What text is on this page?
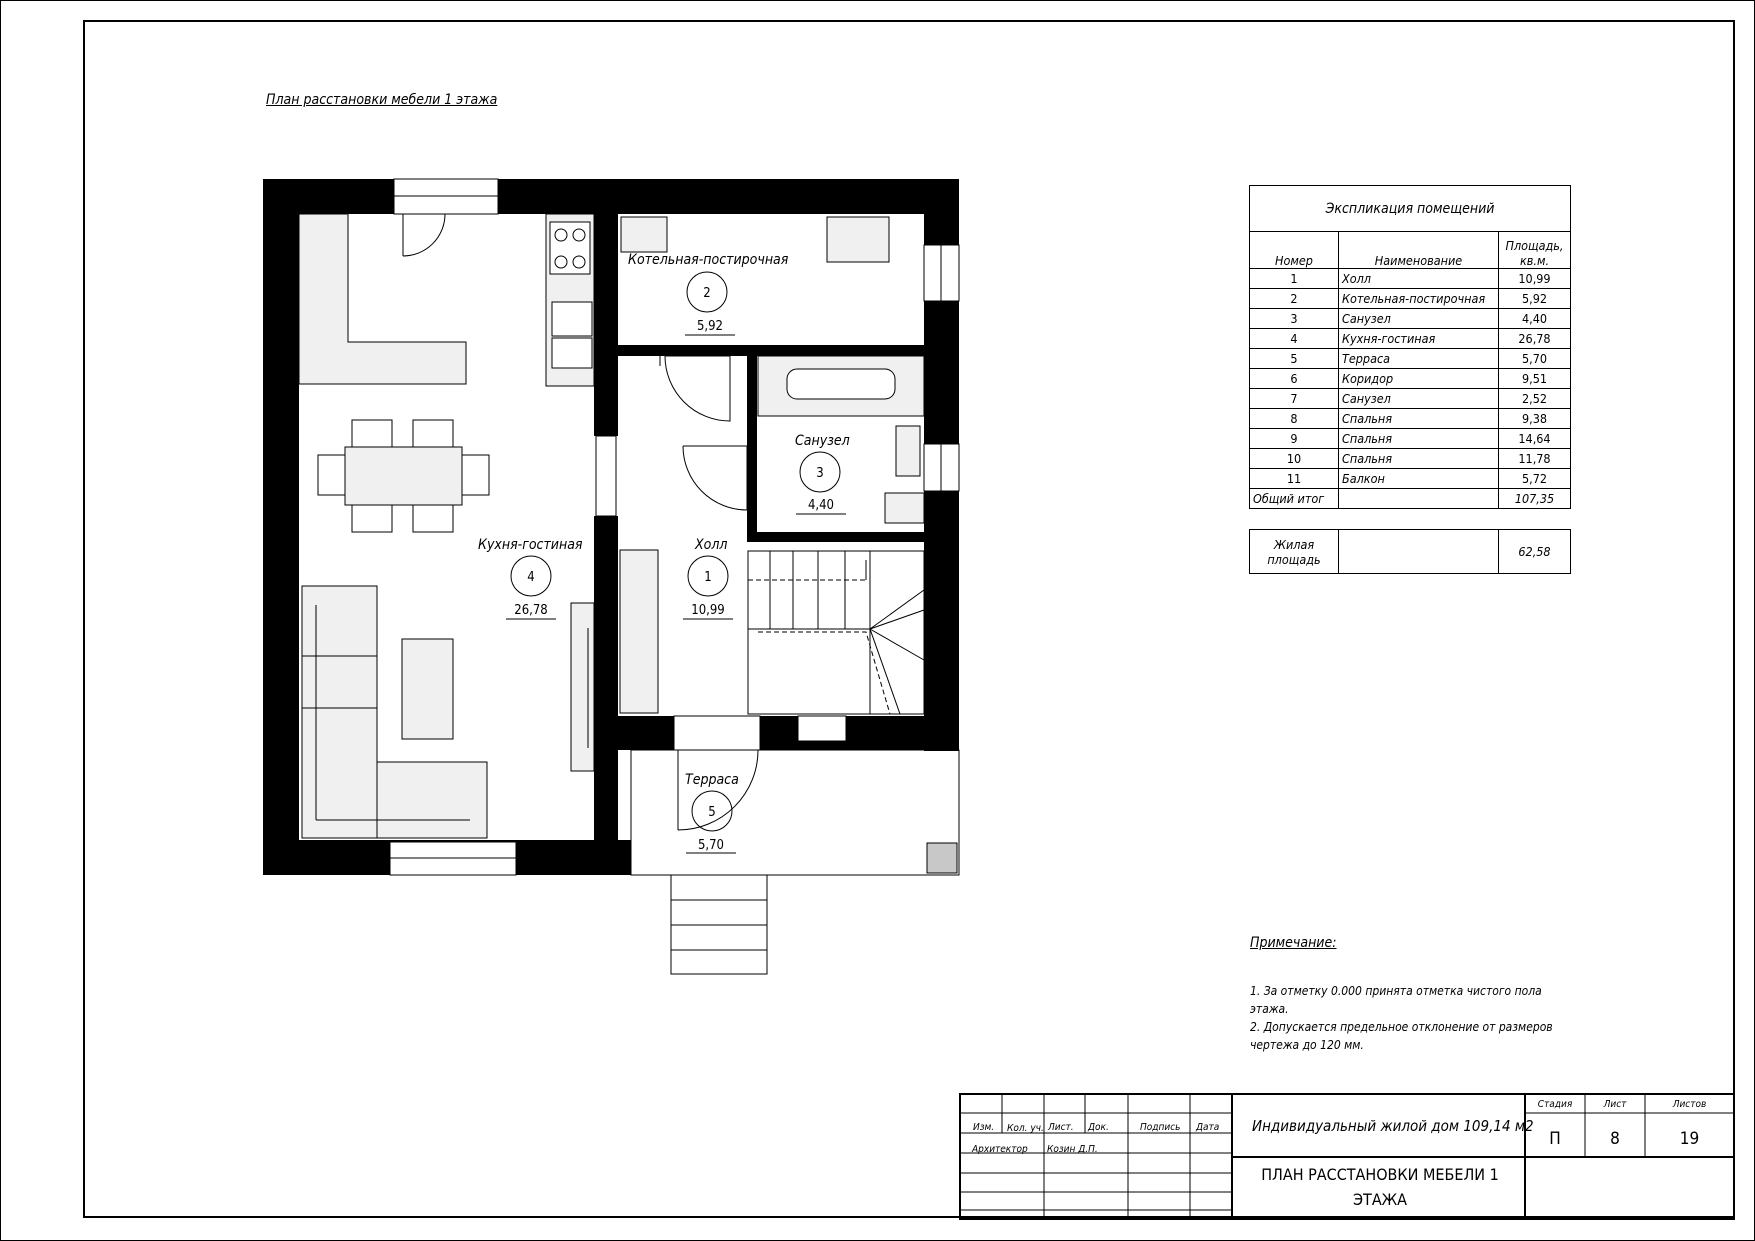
План расстановки мебели 1 этажа
Котельная-постирочная
2
5,92
Санузел
3
4,40
Кухня-гостиная
4
26,78
Холл
1
10,99
Терраса
5
5,70
Экспликация помещений		
Номер	Наименование	Площадь, кв.м.
1	Холл	10,99
2	Котельная-постирочная	5,92
3	Санузел	4,40
4	Кухня-гостиная	26,78
5	Терраса	5,70
6	Коридор	9,51
7	Санузел	2,52
8	Спальня	9,38
9	Спальня	14,64
10	Спальня	11,78
11	Балкон	5,72
Общий итог		107,35
Жилая площадь		62,58
Примечание:
1. За отметку 0.000 принята отметка чистого пола
этажа.
2. Допускается предельное отклонение от размеров
чертежа до 120 мм.
Изм. Кол. уч. Лист. Док.	Подпись Дата
Архитектор Козин Д.П.
Индивидуальный жилой дом 109,14 м2
ПЛАН РАССТАНОВКИ МЕБЕЛИ 1 ЭТАЖА
Стадия	Лист	Листов
П	8	19
